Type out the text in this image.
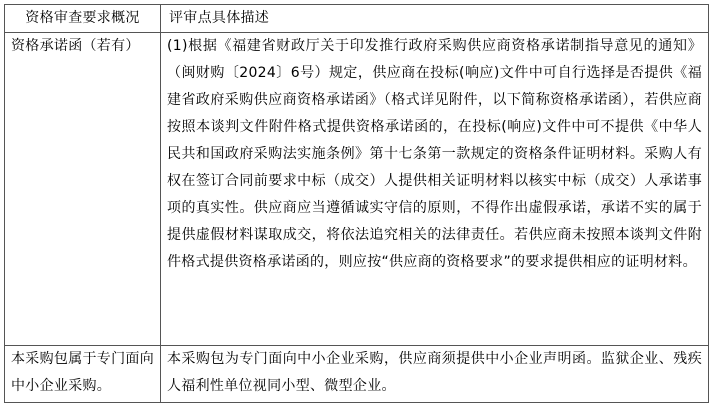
资格审查要求概况	评审点具体描述
资格承诺函（若有）	(1)根据《福建省财政厅关于印发推行政府采购供应商资格承诺制指导意见的通知》（闽财购〔2024〕6号）规定，供应商在投标(响应)文件中可自行选择是否提供《福建省政府采购供应商资格承诺函》（格式详见附件，以下简称资格承诺函），若供应商按照本谈判文件附件格式提供资格承诺函的，在投标(响应)文件中可不提供《中华人民共和国政府采购法实施条例》第十七条第一款规定的资格条件证明材料。采购人有权在签订合同前要求中标（成交）人提供相关证明材料以核实中标（成交）人承诺事项的真实性。供应商应当遵循诚实守信的原则，不得作出虚假承诺，承诺不实的属于提供虚假材料谋取成交，将依法追究相关的法律责任。若供应商未按照本谈判文件附件格式提供资格承诺函的，则应按“供应商的资格要求”的要求提供相应的证明材料。

本采购包属于专门面向中小企业采购。	本采购包为专门面向中小企业采购，供应商须提供中小企业声明函。监狱企业、残疾人福利性单位视同小型、微型企业。
